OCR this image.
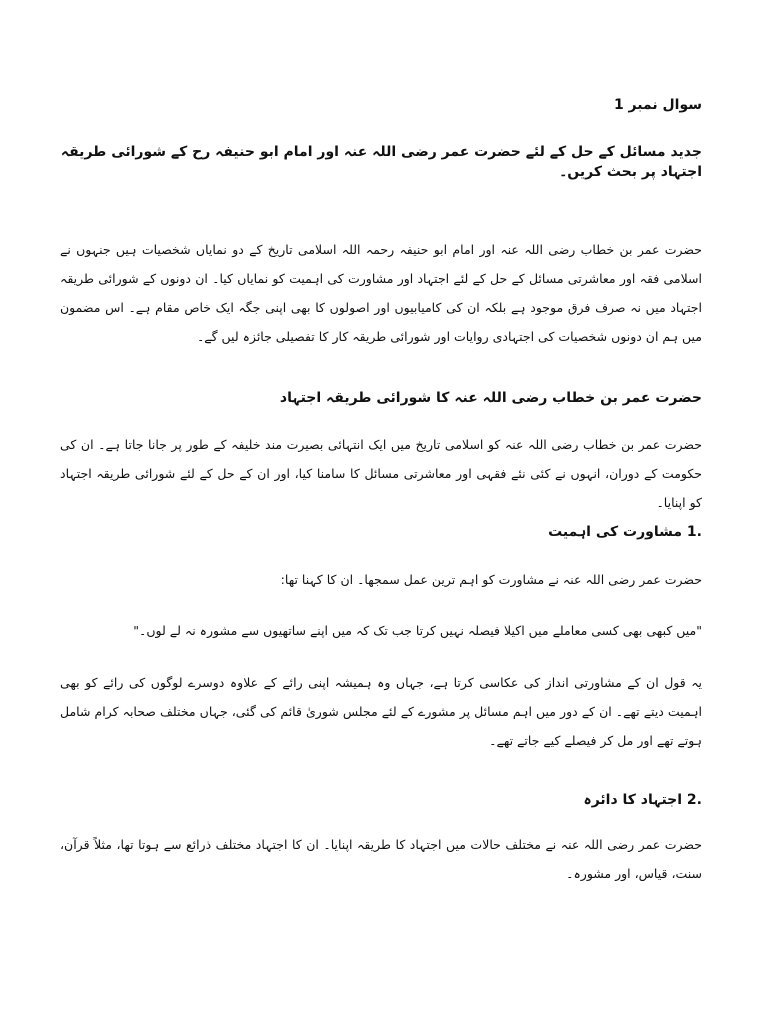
سوال نمبر 1

جدید مسائل کے حل کے لئے حضرت عمر رضی اللہ عنہ اور امام ابو حنیفہ رح کے شورائی طریقہ اجتہاد پر بحث کریں۔

حضرت عمر بن خطاب رضی اللہ عنہ اور امام ابو حنیفہ رحمہ اللہ اسلامی تاریخ کے دو نمایاں شخصیات ہیں جنہوں نے اسلامی فقہ اور معاشرتی مسائل کے حل کے لئے اجتہاد اور مشاورت کی اہمیت کو نمایاں کیا۔ ان دونوں کے شورائی طریقہ اجتہاد میں نہ صرف فرق موجود ہے بلکہ ان کی کامیابیوں اور اصولوں کا بھی اپنی جگہ ایک خاص مقام ہے۔ اس مضمون میں ہم ان دونوں شخصیات کی اجتہادی روایات اور شورائی طریقہ کار کا تفصیلی جائزہ لیں گے۔

حضرت عمر بن خطاب رضی اللہ عنہ کا شورائی طریقہ اجتہاد

حضرت عمر بن خطاب رضی اللہ عنہ کو اسلامی تاریخ میں ایک انتہائی بصیرت مند خلیفہ کے طور پر جانا جاتا ہے۔ ان کی حکومت کے دوران، انہوں نے کئی نئے فقہی اور معاشرتی مسائل کا سامنا کیا، اور ان کے حل کے لئے شورائی طریقہ اجتہاد کو اپنایا۔

.1 مشاورت کی اہمیت

حضرت عمر رضی اللہ عنہ نے مشاورت کو اہم ترین عمل سمجھا۔ ان کا کہنا تھا:

"میں کبھی بھی کسی معاملے میں اکیلا فیصلہ نہیں کرتا جب تک کہ میں اپنے ساتھیوں سے مشورہ نہ لے لوں۔"

یہ قول ان کے مشاورتی انداز کی عکاسی کرتا ہے، جہاں وہ ہمیشہ اپنی رائے کے علاوہ دوسرے لوگوں کی رائے کو بھی اہمیت دیتے تھے۔ ان کے دور میں اہم مسائل پر مشورے کے لئے مجلس شوریٰ قائم کی گئی، جہاں مختلف صحابہ کرام شامل ہوتے تھے اور مل کر فیصلے کیے جاتے تھے۔

.2 اجتہاد کا دائرہ

حضرت عمر رضی اللہ عنہ نے مختلف حالات میں اجتہاد کا طریقہ اپنایا۔ ان کا اجتہاد مختلف ذرائع سے ہوتا تھا، مثلاً قرآن، سنت، قیاس، اور مشورہ۔
